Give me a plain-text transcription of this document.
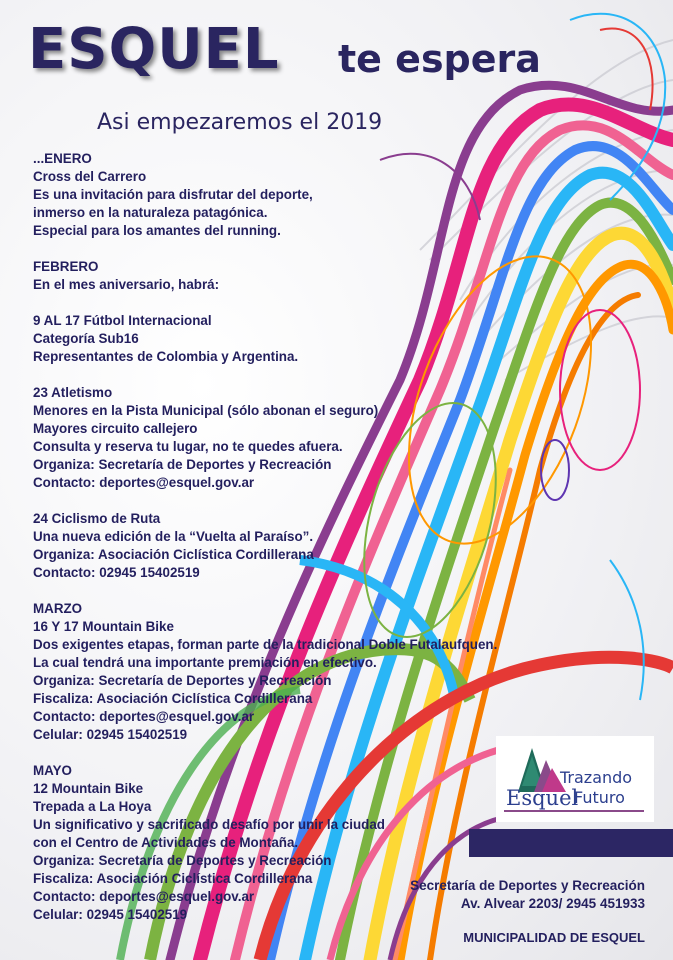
ESQUEL te espera
Asi empezaremos el 2019
...ENERO
Cross del Carrero
Es una invitación para disfrutar del deporte,
inmerso en la naturaleza patagónica.
Especial para los amantes del running.
FEBRERO
En el mes aniversario, habrá:
9 AL 17 Fútbol Internacional
Categoría Sub16
Representantes de Colombia y Argentina.
23 Atletismo
Menores en la Pista Municipal (sólo abonan el seguro)
Mayores circuito callejero
Consulta y reserva tu lugar, no te quedes afuera.
Organiza: Secretaría de Deportes y Recreación
Contacto: deportes@esquel.gov.ar
24 Ciclismo de Ruta
Una nueva edición de la “Vuelta al Paraíso”.
Organiza: Asociación Ciclística Cordillerana
Contacto: 02945 15402519
MARZO
16 Y 17 Mountain Bike
Dos exigentes etapas, forman parte de la tradicional Doble Futalaufquen.
La cual tendrá una importante premiación en efectivo.
Organiza: Secretaría de Deportes y Recreación
Fiscaliza: Asociación Ciclística Cordillerana
Contacto: deportes@esquel.gov.ar
Celular: 02945 15402519
MAYO
12 Mountain Bike
Trepada a La Hoya
Un significativo y sacrificado desafío por unir la ciudad
con el Centro de Actividades de Montaña.
Organiza: Secretaría de Deportes y Recreación
Fiscaliza: Asociación Ciclística Cordillerana
Contacto: deportes@esquel.gov.ar
Celular: 02945 15402519
Esquel
Trazando
Futuro
Secretaría de Deportes y Recreación
Av. Alvear 2203/ 2945 451933
MUNICIPALIDAD DE ESQUEL
